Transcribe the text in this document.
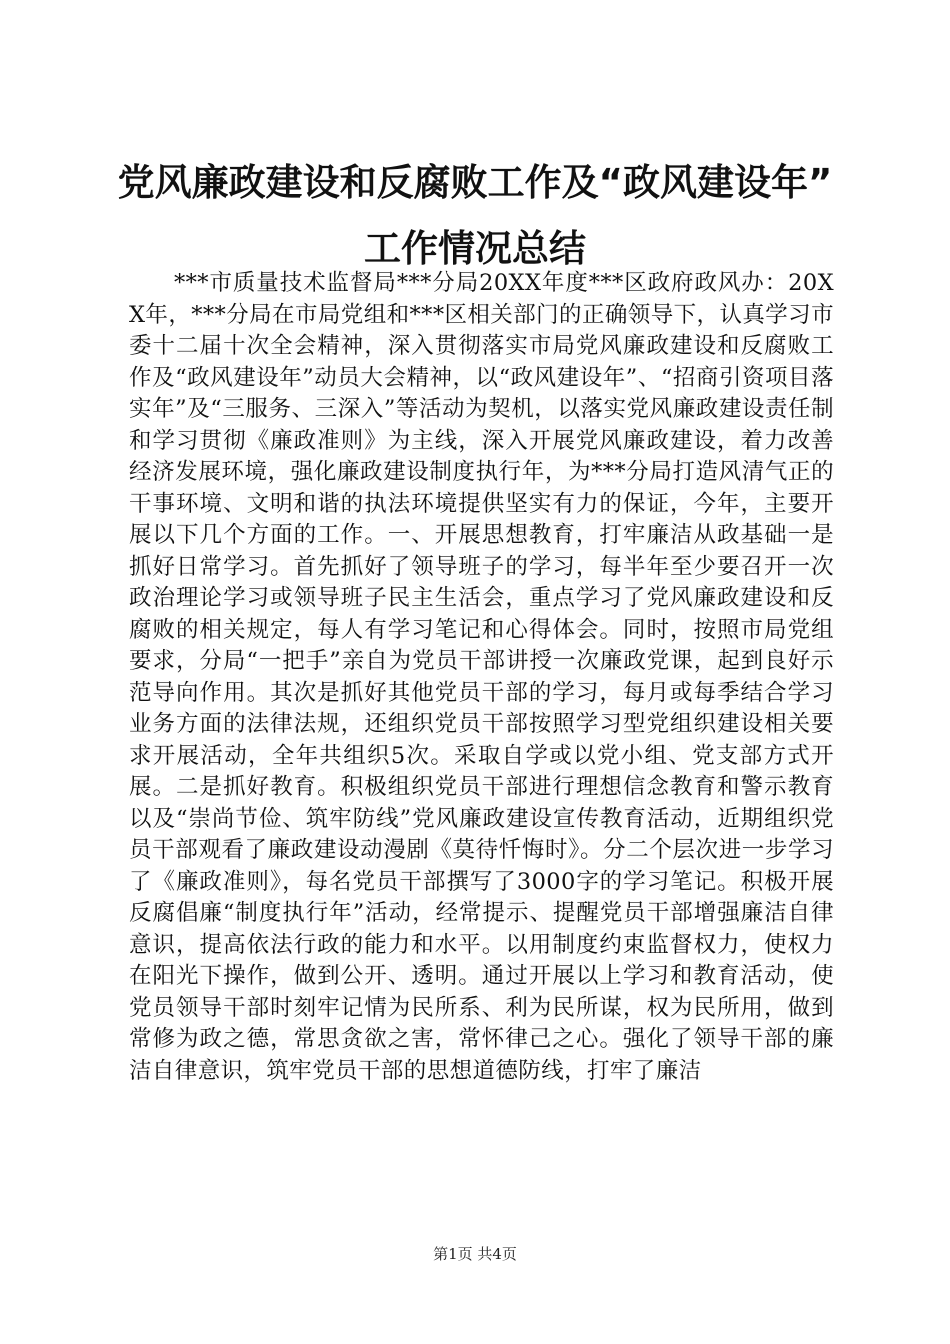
党风廉政建设和反腐败工作及“政风建设年”
工作情况总结
***市质量技术监督局***分局20XX年度***区政府政风办：20XX年，***分局在市局党组和***区相关部门的正确领导下，认真学习市委十二届十次全会精神，深入贯彻落实市局党风廉政建设和反腐败工作及“政风建设年”动员大会精神，以“政风建设年”、“招商引资项目落实年”及“三服务、三深入”等活动为契机，以落实党风廉政建设责任制和学习贯彻《廉政准则》为主线，深入开展党风廉政建设，着力改善经济发展环境，强化廉政建设制度执行年，为***分局打造风清气正的干事环境、文明和谐的执法环境提供坚实有力的保证，今年，主要开展以下几个方面的工作。一、开展思想教育，打牢廉洁从政基础一是抓好日常学习。首先抓好了领导班子的学习，每半年至少要召开一次政治理论学习或领导班子民主生活会，重点学习了党风廉政建设和反腐败的相关规定，每人有学习笔记和心得体会。同时，按照市局党组要求，分局“一把手”亲自为党员干部讲授一次廉政党课，起到良好示范导向作用。其次是抓好其他党员干部的学习，每月或每季结合学习业务方面的法律法规，还组织党员干部按照学习型党组织建设相关要求开展活动，全年共组织5次。采取自学或以党小组、党支部方式开展。二是抓好教育。积极组织党员干部进行理想信念教育和警示教育以及“崇尚节俭、筑牢防线”党风廉政建设宣传教育活动，近期组织党员干部观看了廉政建设动漫剧《莫待忏悔时》。分二个层次进一步学习了《廉政准则》，每名党员干部撰写了3000字的学习笔记。积极开展反腐倡廉“制度执行年”活动，经常提示、提醒党员干部增强廉洁自律意识，提高依法行政的能力和水平。以用制度约束监督权力，使权力在阳光下操作，做到公开、透明。通过开展以上学习和教育活动，使党员领导干部时刻牢记情为民所系、利为民所谋，权为民所用，做到常修为政之德，常思贪欲之害，常怀律己之心。强化了领导干部的廉洁自律意识，筑牢党员干部的思想道德防线，打牢了廉洁
第1页 共4页
